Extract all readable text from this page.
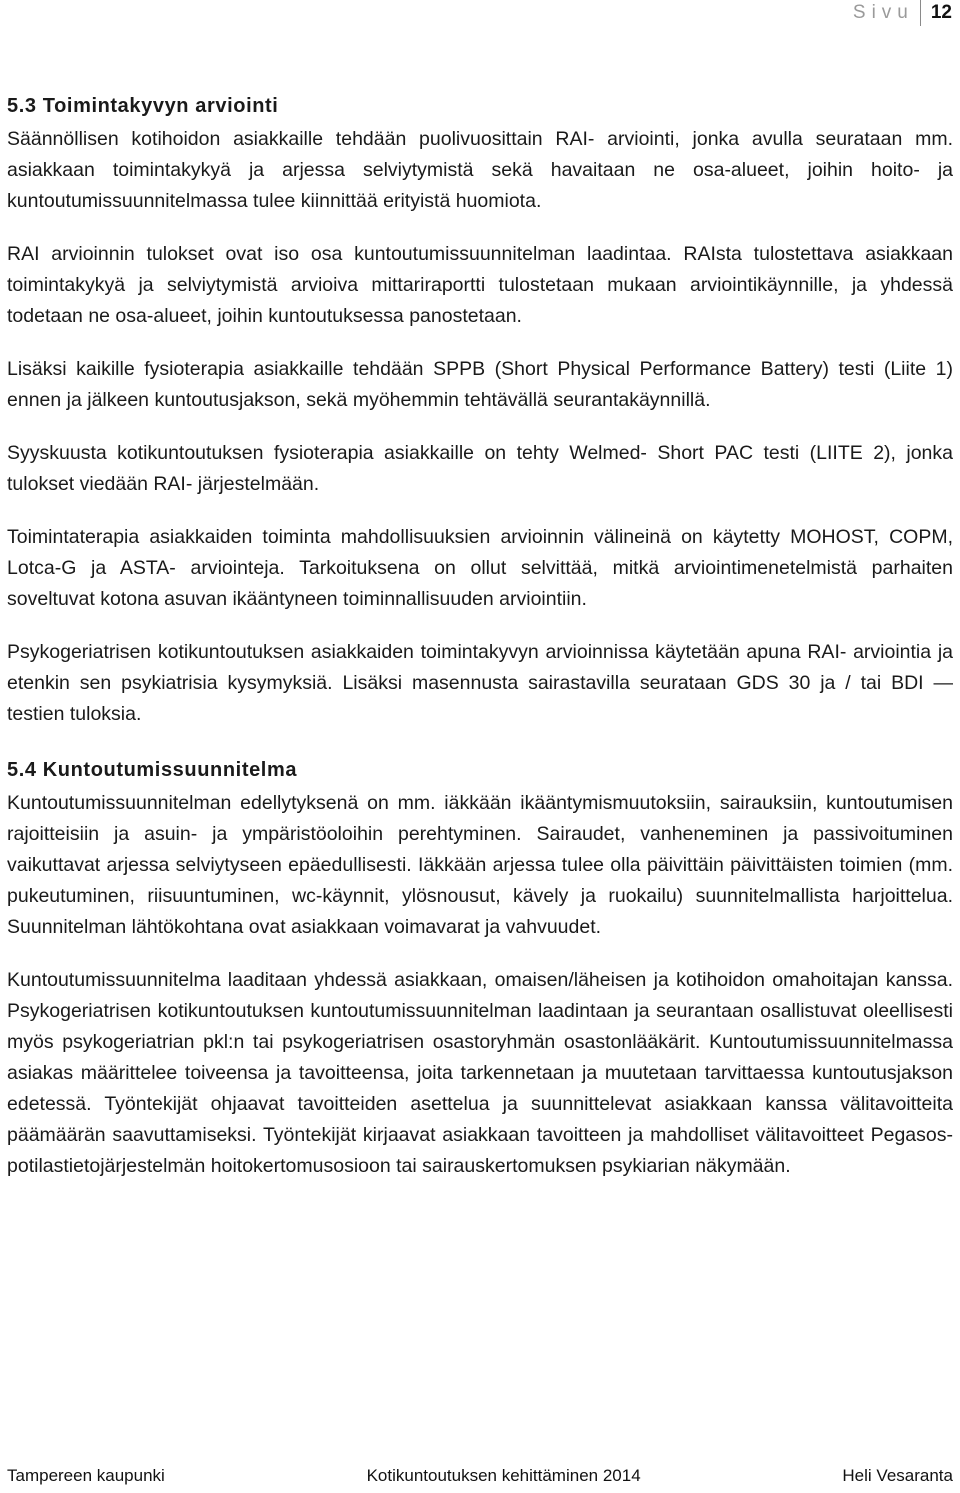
Sivu 12
5.3 Toimintakyvyn arviointi

Säännöllisen kotihoidon asiakkaille tehdään puolivuosittain RAI- arviointi, jonka avulla seurataan mm. asiakkaan toimintakykyä ja arjessa selviytymistä sekä havaitaan ne osa-alueet, joihin hoito- ja kuntoutumissuunnitelmassa tulee kiinnittää erityistä huomiota.

RAI arvioinnin tulokset ovat iso osa kuntoutumissuunnitelman laadintaa. RAIsta tulostettava asiakkaan toimintakykyä ja selviytymistä arvioiva mittariraportti tulostetaan mukaan arviointikäynnille, ja yhdessä todetaan ne osa-alueet, joihin kuntoutuksessa panostetaan.

Lisäksi kaikille fysioterapia asiakkaille tehdään SPPB (Short Physical Performance Battery) testi (Liite 1) ennen ja jälkeen kuntoutusjakson, sekä myöhemmin tehtävällä seurantakäynnillä.

Syyskuusta kotikuntoutuksen fysioterapia asiakkaille on tehty Welmed- Short PAC testi (LIITE 2), jonka tulokset viedään RAI- järjestelmään.

Toimintaterapia asiakkaiden toiminta mahdollisuuksien arvioinnin välineinä on käytetty MOHOST, COPM, Lotca-G ja ASTA- arviointeja. Tarkoituksena on ollut selvittää, mitkä arviointimenetelmistä parhaiten soveltuvat kotona asuvan ikääntyneen toiminnallisuuden arviointiin.

Psykogeriatrisen kotikuntoutuksen asiakkaiden toimintakyvyn arvioinnissa käytetään apuna RAI- arviointia ja etenkin sen psykiatrisia kysymyksiä. Lisäksi masennusta sairastavilla seurataan GDS 30 ja / tai BDI — testien tuloksia.

5.4 Kuntoutumissuunnitelma

Kuntoutumissuunnitelman edellytyksenä on mm. iäkkään ikääntymismuutoksiin, sairauksiin, kuntoutumisen rajoitteisiin ja asuin- ja ympäristöoloihin perehtyminen. Sairaudet, vanheneminen ja passivoituminen vaikuttavat arjessa selviytyseen epäedullisesti. Iäkkään arjessa tulee olla päivittäin päivittäisten toimien (mm. pukeutuminen, riisuuntuminen, wc-käynnit, ylösnousut, kävely ja ruokailu) suunnitelmallista harjoittelua. Suunnitelman lähtökohtana ovat asiakkaan voimavarat ja vahvuudet.

Kuntoutumissuunnitelma laaditaan yhdessä asiakkaan, omaisen/läheisen ja kotihoidon omahoitajan kanssa. Psykogeriatrisen kotikuntoutuksen kuntoutumissuunnitelman laadintaan ja seurantaan osallistuvat oleellisesti myös psykogeriatrian pkl:n tai psykogeriatrisen osastoryhmän osastonlääkärit. Kuntoutumissuunnitelmassa asiakas määrittelee toiveensa ja tavoitteensa, joita tarkennetaan ja muutetaan tarvittaessa kuntoutusjakson edetessä. Työntekijät ohjaavat tavoitteiden asettelua ja suunnittelevat asiakkaan kanssa välitavoitteita päämäärän saavuttamiseksi. Työntekijät kirjaavat asiakkaan tavoitteen ja mahdolliset välitavoitteet Pegasos-potilastietojärjestelmän hoitokertomusosioon tai sairauskertomuksen psykiarian näkymään.

Tampereen kaupunki	Kotikuntoutuksen kehittäminen 2014	Heli Vesaranta
